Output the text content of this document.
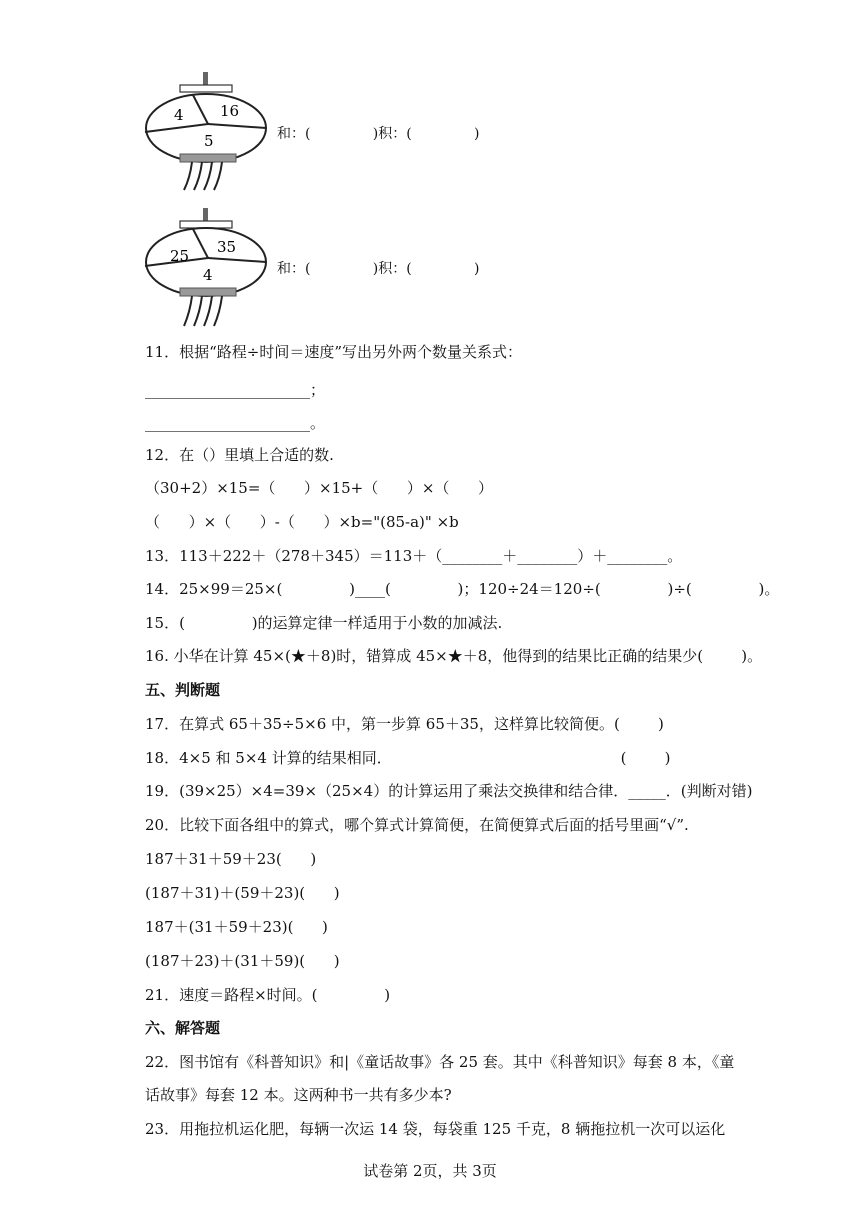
4 16
5	和：(              )积：(              )
25 35
4	和：(              )积：(              )
11．根据“路程÷时间＝速度”写出另外两个数量关系式：
______________________；
______________________。
12．在（）里填上合适的数.
（30+2）×15=（      ）×15+（      ）×（      ）
（      ）×（      ）-（      ）×b="(85-a)" ×b
13．113＋222＋（278＋345）＝113＋（________＋________）＋________。
14．25×99＝25×(              )____(              )；120÷24＝120÷(              )÷(              )。
15．(              )的运算定律一样适用于小数的加减法.
16. 小华在计算 45×(★＋8)时，错算成 45×★＋8，他得到的结果比正确的结果少(        )。
五、判断题
17．在算式 65＋35÷5×6 中，第一步算 65＋35，这样算比较简便。(        )
18．4×5 和 5×4 计算的结果相同．                                                (        )
19．(39×25）×4=39×（25×4）的计算运用了乘法交换律和结合律．_____．(判断对错)
20．比较下面各组中的算式，哪个算式计算简便，在简便算式后面的括号里画“√”.
187＋31＋59＋23(      )
(187＋31)＋(59＋23)(      )
187＋(31＋59＋23)(      )
(187＋23)＋(31＋59)(      )
21．速度＝路程×时间。(              )
六、解答题
22．图书馆有《科普知识》和|《童话故事》各 25 套。其中《科普知识》每套 8 本，《童
话故事》每套 12 本。这两种书一共有多少本?
23．用拖拉机运化肥，每辆一次运 14 袋，每袋重 125 千克，8 辆拖拉机一次可以运化
试卷第 2页，共 3页
